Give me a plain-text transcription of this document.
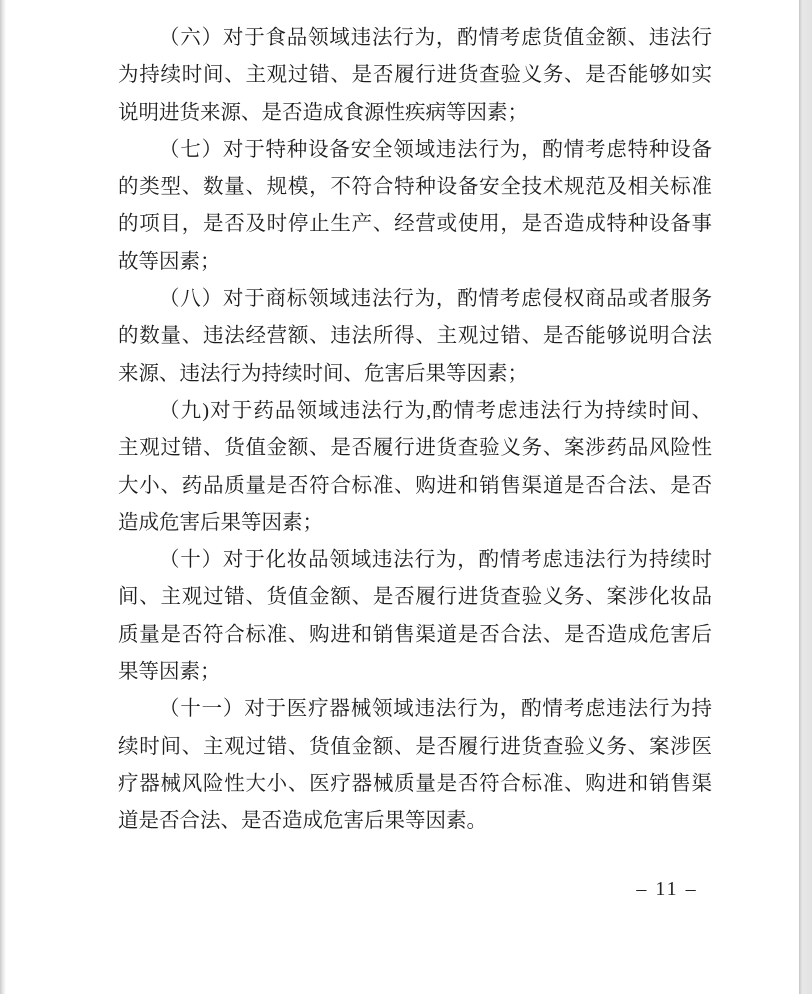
（六）对于食品领域违法行为，酌情考虑货值金额、违法行
为持续时间、主观过错、是否履行进货查验义务、是否能够如实
说明进货来源、是否造成食源性疾病等因素；

（七）对于特种设备安全领域违法行为，酌情考虑特种设备
的类型、数量、规模，不符合特种设备安全技术规范及相关标准
的项目，是否及时停止生产、经营或使用，是否造成特种设备事
故等因素；

（八）对于商标领域违法行为，酌情考虑侵权商品或者服务
的数量、违法经营额、违法所得、主观过错、是否能够说明合法
来源、违法行为持续时间、危害后果等因素；

（九)对于药品领域违法行为,酌情考虑违法行为持续时间、
主观过错、货值金额、是否履行进货查验义务、案涉药品风险性
大小、药品质量是否符合标准、购进和销售渠道是否合法、是否
造成危害后果等因素；

（十）对于化妆品领域违法行为，酌情考虑违法行为持续时
间、主观过错、货值金额、是否履行进货查验义务、案涉化妆品
质量是否符合标准、购进和销售渠道是否合法、是否造成危害后
果等因素；

（十一）对于医疗器械领域违法行为，酌情考虑违法行为持
续时间、主观过错、货值金额、是否履行进货查验义务、案涉医
疗器械风险性大小、医疗器械质量是否符合标准、购进和销售渠
道是否合法、是否造成危害后果等因素。

– 11 –
